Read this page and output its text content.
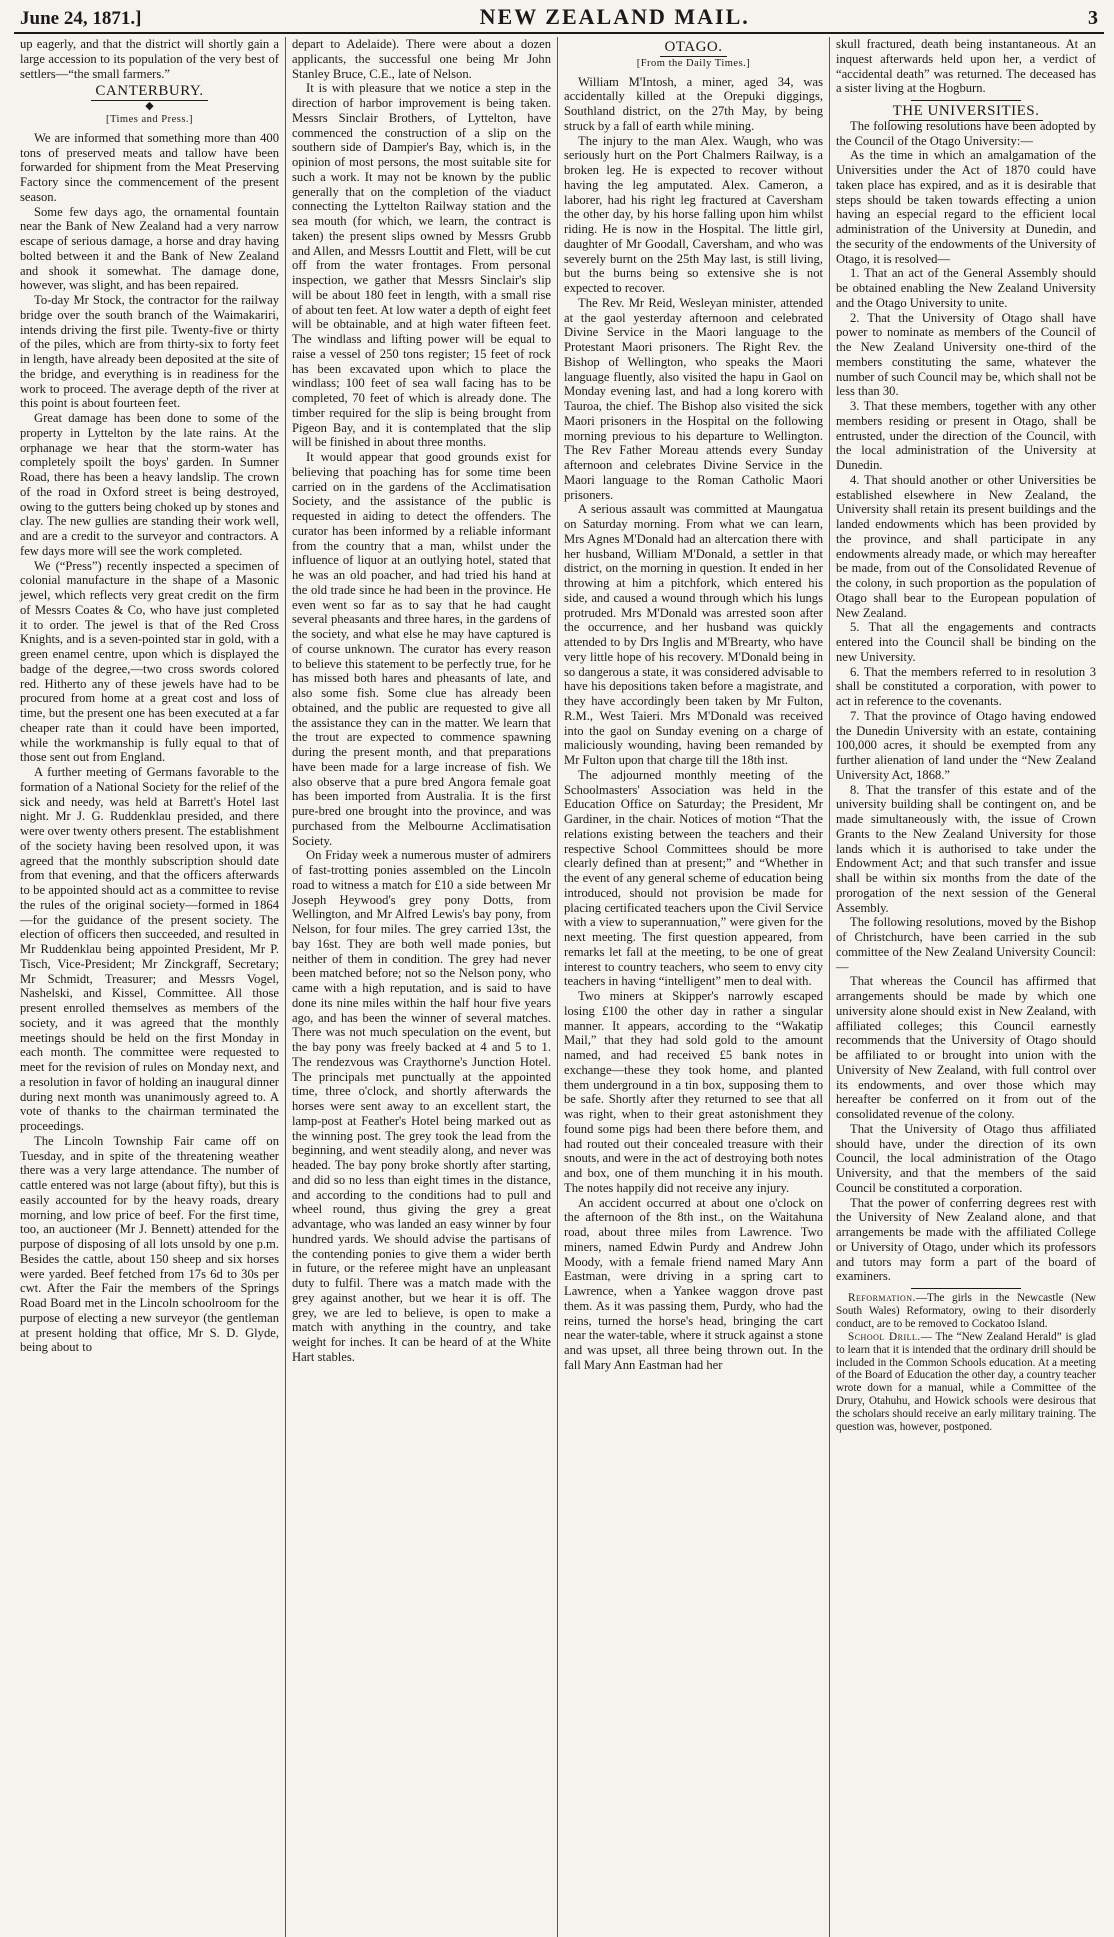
June 24, 1871.]	NEW ZEALAND MAIL.	3

up eagerly, and that the district will shortly gain a large accession to its population of the very best of settlers—“the small farmers.”

CANTERBURY.
◆
[Times and Press.]

We are informed that something more than 400 tons of preserved meats and tallow have been forwarded for shipment from the Meat Preserving Factory since the commencement of the present season.

Some few days ago, the ornamental fountain near the Bank of New Zealand had a very narrow escape of serious damage, a horse and dray having bolted between it and the Bank of New Zealand and shook it somewhat. The damage done, however, was slight, and has been repaired.

To-day Mr Stock, the contractor for the railway bridge over the south branch of the Waimakariri, intends driving the first pile. Twenty-five or thirty of the piles, which are from thirty-six to forty feet in length, have already been deposited at the site of the bridge, and everything is in readiness for the work to proceed. The average depth of the river at this point is about fourteen feet.

Great damage has been done to some of the property in Lyttelton by the late rains. At the orphanage we hear that the storm-water has completely spoilt the boys' garden. In Sumner Road, there has been a heavy landslip. The crown of the road in Oxford street is being destroyed, owing to the gutters being choked up by stones and clay. The new gullies are standing their work well, and are a credit to the surveyor and contractors. A few days more will see the work completed.

We (“Press”) recently inspected a specimen of colonial manufacture in the shape of a Masonic jewel, which reflects very great credit on the firm of Messrs Coates & Co, who have just completed it to order. The jewel is that of the Red Cross Knights, and is a seven-pointed star in gold, with a green enamel centre, upon which is displayed the badge of the degree,—two cross swords colored red. Hitherto any of these jewels have had to be procured from home at a great cost and loss of time, but the present one has been executed at a far cheaper rate than it could have been imported, while the workmanship is fully equal to that of those sent out from England.

A further meeting of Germans favorable to the formation of a National Society for the relief of the sick and needy, was held at Barrett's Hotel last night. Mr J. G. Ruddenklau presided, and there were over twenty others present. The establishment of the society having been resolved upon, it was agreed that the monthly subscription should date from that evening, and that the officers afterwards to be appointed should act as a committee to revise the rules of the original society—formed in 1864—for the guidance of the present society. The election of officers then succeeded, and resulted in Mr Ruddenklau being appointed President, Mr P. Tisch, Vice-President; Mr Zinckgraff, Secretary; Mr Schmidt, Treasurer; and Messrs Vogel, Nashelski, and Kissel, Committee. All those present enrolled themselves as members of the society, and it was agreed that the monthly meetings should be held on the first Monday in each month. The committee were requested to meet for the revision of rules on Monday next, and a resolution in favor of holding an inaugural dinner during next month was unanimously agreed to. A vote of thanks to the chairman terminated the proceedings.

The Lincoln Township Fair came off on Tuesday, and in spite of the threatening weather there was a very large attendance. The number of cattle entered was not large (about fifty), but this is easily accounted for by the heavy roads, dreary morning, and low price of beef. For the first time, too, an auctioneer (Mr J. Bennett) attended for the purpose of disposing of all lots unsold by one p.m. Besides the cattle, about 150 sheep and six horses were yarded. Beef fetched from 17s 6d to 30s per cwt. After the Fair the members of the Springs Road Board met in the Lincoln schoolroom for the purpose of electing a new surveyor (the gentleman at present holding that office, Mr S. D. Glyde, being about to

depart to Adelaide). There were about a dozen applicants, the successful one being Mr John Stanley Bruce, C.E., late of Nelson.

It is with pleasure that we notice a step in the direction of harbor improvement is being taken. Messrs Sinclair Brothers, of Lyttelton, have commenced the construction of a slip on the southern side of Dampier's Bay, which is, in the opinion of most persons, the most suitable site for such a work. It may not be known by the public generally that on the completion of the viaduct connecting the Lyttelton Railway station and the sea mouth (for which, we learn, the contract is taken) the present slips owned by Messrs Grubb and Allen, and Messrs Louttit and Flett, will be cut off from the water frontages. From personal inspection, we gather that Messrs Sinclair's slip will be about 180 feet in length, with a small rise of about ten feet. At low water a depth of eight feet will be obtainable, and at high water fifteen feet. The windlass and lifting power will be equal to raise a vessel of 250 tons register; 15 feet of rock has been excavated upon which to place the windlass; 100 feet of sea wall facing has to be completed, 70 feet of which is already done. The timber required for the slip is being brought from Pigeon Bay, and it is contemplated that the slip will be finished in about three months.

It would appear that good grounds exist for believing that poaching has for some time been carried on in the gardens of the Acclimatisation Society, and the assistance of the public is requested in aiding to detect the offenders. The curator has been informed by a reliable informant from the country that a man, whilst under the influence of liquor at an outlying hotel, stated that he was an old poacher, and had tried his hand at the old trade since he had been in the province. He even went so far as to say that he had caught several pheasants and three hares, in the gardens of the society, and what else he may have captured is of course unknown. The curator has every reason to believe this statement to be perfectly true, for he has missed both hares and pheasants of late, and also some fish. Some clue has already been obtained, and the public are requested to give all the assistance they can in the matter. We learn that the trout are expected to commence spawning during the present month, and that preparations have been made for a large increase of fish. We also observe that a pure bred Angora female goat has been imported from Australia. It is the first pure-bred one brought into the province, and was purchased from the Melbourne Acclimatisation Society.

On Friday week a numerous muster of admirers of fast-trotting ponies assembled on the Lincoln road to witness a match for £10 a side between Mr Joseph Heywood's grey pony Dotts, from Wellington, and Mr Alfred Lewis's bay pony, from Nelson, for four miles. The grey carried 13st, the bay 16st. They are both well made ponies, but neither of them in condition. The grey had never been matched before; not so the Nelson pony, who came with a high reputation, and is said to have done its nine miles within the half hour five years ago, and has been the winner of several matches. There was not much speculation on the event, but the bay pony was freely backed at 4 and 5 to 1. The rendezvous was Craythorne's Junction Hotel. The principals met punctually at the appointed time, three o'clock, and shortly afterwards the horses were sent away to an excellent start, the lamp-post at Feather's Hotel being marked out as the winning post. The grey took the lead from the beginning, and went steadily along, and never was headed. The bay pony broke shortly after starting, and did so no less than eight times in the distance, and according to the conditions had to pull and wheel round, thus giving the grey a great advantage, who was landed an easy winner by four hundred yards. We should advise the partisans of the contending ponies to give them a wider berth in future, or the referee might have an unpleasant duty to fulfil. There was a match made with the grey against another, but we hear it is off. The grey, we are led to believe, is open to make a match with anything in the country, and take weight for inches. It can be heard of at the White Hart stables.

OTAGO.
[From the Daily Times.]

William M'Intosh, a miner, aged 34, was accidentally killed at the Orepuki diggings, Southland district, on the 27th May, by being struck by a fall of earth while mining.

The injury to the man Alex. Waugh, who was seriously hurt on the Port Chalmers Railway, is a broken leg. He is expected to recover without having the leg amputated. Alex. Cameron, a laborer, had his right leg fractured at Caversham the other day, by his horse falling upon him whilst riding. He is now in the Hospital. The little girl, daughter of Mr Goodall, Caversham, and who was severely burnt on the 25th May last, is still living, but the burns being so extensive she is not expected to recover.

The Rev. Mr Reid, Wesleyan minister, attended at the gaol yesterday afternoon and celebrated Divine Service in the Maori language to the Protestant Maori prisoners. The Right Rev. the Bishop of Wellington, who speaks the Maori language fluently, also visited the hapu in Gaol on Monday evening last, and had a long korero with Tauroa, the chief. The Bishop also visited the sick Maori prisoners in the Hospital on the following morning previous to his departure to Wellington. The Rev Father Moreau attends every Sunday afternoon and celebrates Divine Service in the Maori language to the Roman Catholic Maori prisoners.

A serious assault was committed at Maungatua on Saturday morning. From what we can learn, Mrs Agnes M'Donald had an altercation there with her husband, William M'Donald, a settler in that district, on the morning in question. It ended in her throwing at him a pitchfork, which entered his side, and caused a wound through which his lungs protruded. Mrs M'Donald was arrested soon after the occurrence, and her husband was quickly attended to by Drs Inglis and M'Brearty, who have very little hope of his recovery. M'Donald being in so dangerous a state, it was considered advisable to have his depositions taken before a magistrate, and they have accordingly been taken by Mr Fulton, R.M., West Taieri. Mrs M'Donald was received into the gaol on Sunday evening on a charge of maliciously wounding, having been remanded by Mr Fulton upon that charge till the 18th inst.

The adjourned monthly meeting of the Schoolmasters' Association was held in the Education Office on Saturday; the President, Mr Gardiner, in the chair. Notices of motion “That the relations existing between the teachers and their respective School Committees should be more clearly defined than at present;” and “Whether in the event of any general scheme of education being introduced, should not provision be made for placing certificated teachers upon the Civil Service with a view to superannuation,” were given for the next meeting. The first question appeared, from remarks let fall at the meeting, to be one of great interest to country teachers, who seem to envy city teachers in having “intelligent” men to deal with.

Two miners at Skipper's narrowly escaped losing £100 the other day in rather a singular manner. It appears, according to the “Wakatip Mail,” that they had sold gold to the amount named, and had received £5 bank notes in exchange—these they took home, and planted them underground in a tin box, supposing them to be safe. Shortly after they returned to see that all was right, when to their great astonishment they found some pigs had been there before them, and had routed out their concealed treasure with their snouts, and were in the act of destroying both notes and box, one of them munching it in his mouth. The notes happily did not receive any injury.

An accident occurred at about one o'clock on the afternoon of the 8th inst., on the Waitahuna road, about three miles from Lawrence. Two miners, named Edwin Purdy and Andrew John Moody, with a female friend named Mary Ann Eastman, were driving in a spring cart to Lawrence, when a Yankee waggon drove past them. As it was passing them, Purdy, who had the reins, turned the horse's head, bringing the cart near the water-table, where it struck against a stone and was upset, all three being thrown out. In the fall Mary Ann Eastman had her

skull fractured, death being instantaneous. At an inquest afterwards held upon her, a verdict of “accidental death” was returned. The deceased has a sister living at the Hogburn.

THE UNIVERSITIES.

The following resolutions have been adopted by the Council of the Otago University:—

As the time in which an amalgamation of the Universities under the Act of 1870 could have taken place has expired, and as it is desirable that steps should be taken towards effecting a union having an especial regard to the efficient local administration of the University at Dunedin, and the security of the endowments of the University of Otago, it is resolved—

1. That an act of the General Assembly should be obtained enabling the New Zealand University and the Otago University to unite.

2. That the University of Otago shall have power to nominate as members of the Council of the New Zealand University one-third of the members constituting the same, whatever the number of such Council may be, which shall not be less than 30.

3. That these members, together with any other members residing or present in Otago, shall be entrusted, under the direction of the Council, with the local administration of the University at Dunedin.

4. That should another or other Universities be established elsewhere in New Zealand, the University shall retain its present buildings and the landed endowments which has been provided by the province, and shall participate in any endowments already made, or which may hereafter be made, from out of the Consolidated Revenue of the colony, in such proportion as the population of Otago shall bear to the European population of New Zealand.

5. That all the engagements and contracts entered into the Council shall be binding on the new University.

6. That the members referred to in resolution 3 shall be constituted a corporation, with power to act in reference to the covenants.

7. That the province of Otago having endowed the Dunedin University with an estate, containing 100,000 acres, it should be exempted from any further alienation of land under the “New Zealand University Act, 1868.”

8. That the transfer of this estate and of the university building shall be contingent on, and be made simultaneously with, the issue of Crown Grants to the New Zealand University for those lands which it is authorised to take under the Endowment Act; and that such transfer and issue shall be within six months from the date of the prorogation of the next session of the General Assembly.

The following resolutions, moved by the Bishop of Christchurch, have been carried in the sub committee of the New Zealand University Council:—

That whereas the Council has affirmed that arrangements should be made by which one university alone should exist in New Zealand, with affiliated colleges; this Council earnestly recommends that the University of Otago should be affiliated to or brought into union with the University of New Zealand, with full control over its endowments, and over those which may hereafter be conferred on it from out of the consolidated revenue of the colony.

That the University of Otago thus affiliated should have, under the direction of its own Council, the local administration of the Otago University, and that the members of the said Council be constituted a corporation.

That the power of conferring degrees rest with the University of New Zealand alone, and that arrangements be made with the affiliated College or University of Otago, under which its professors and tutors may form a part of the board of examiners.

Reformation.—The girls in the Newcastle (New South Wales) Reformatory, owing to their disorderly conduct, are to be removed to Cockatoo Island.

School Drill.— The “New Zealand Herald” is glad to learn that it is intended that the ordinary drill should be included in the Common Schools education. At a meeting of the Board of Education the other day, a country teacher wrote down for a manual, while a Committee of the Drury, Otahuhu, and Howick schools were desirous that the scholars should receive an early military training. The question was, however, postponed.
